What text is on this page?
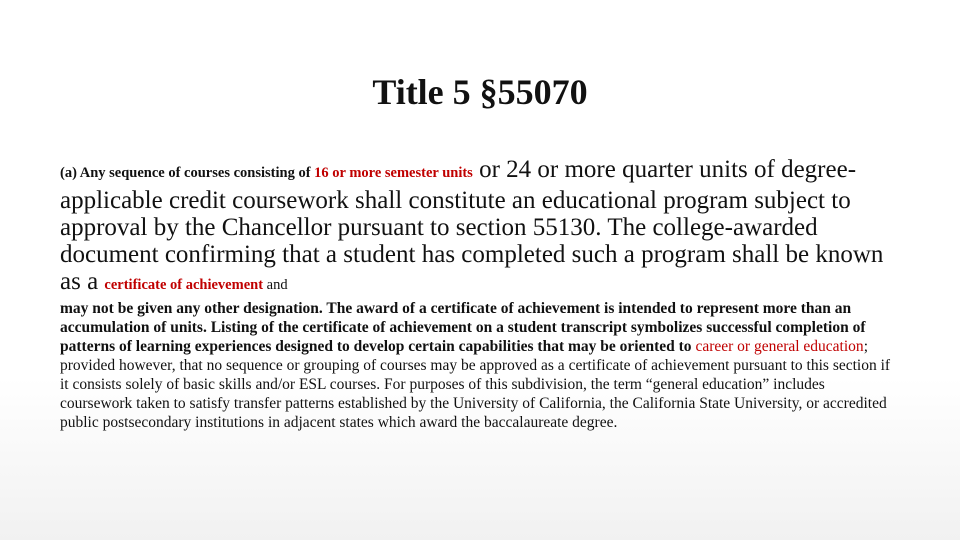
Title 5 §55070

(a) Any sequence of courses consisting of 16 or more semester units or 24 or more quarter units of degree-applicable credit coursework shall constitute an educational program subject to approval by the Chancellor pursuant to section 55130. The college-awarded document confirming that a student has completed such a program shall be known as a certificate of achievement and

may not be given any other designation. The award of a certificate of achievement is intended to represent more than an accumulation of units. Listing of the certificate of achievement on a student transcript symbolizes successful completion of patterns of learning experiences designed to develop certain capabilities that may be oriented to career or general education; provided however, that no sequence or grouping of courses may be approved as a certificate of achievement pursuant to this section if it consists solely of basic skills and/or ESL courses. For purposes of this subdivision, the term “general education” includes coursework taken to satisfy transfer patterns established by the University of California, the California State University, or accredited public postsecondary institutions in adjacent states which award the baccalaureate degree.
